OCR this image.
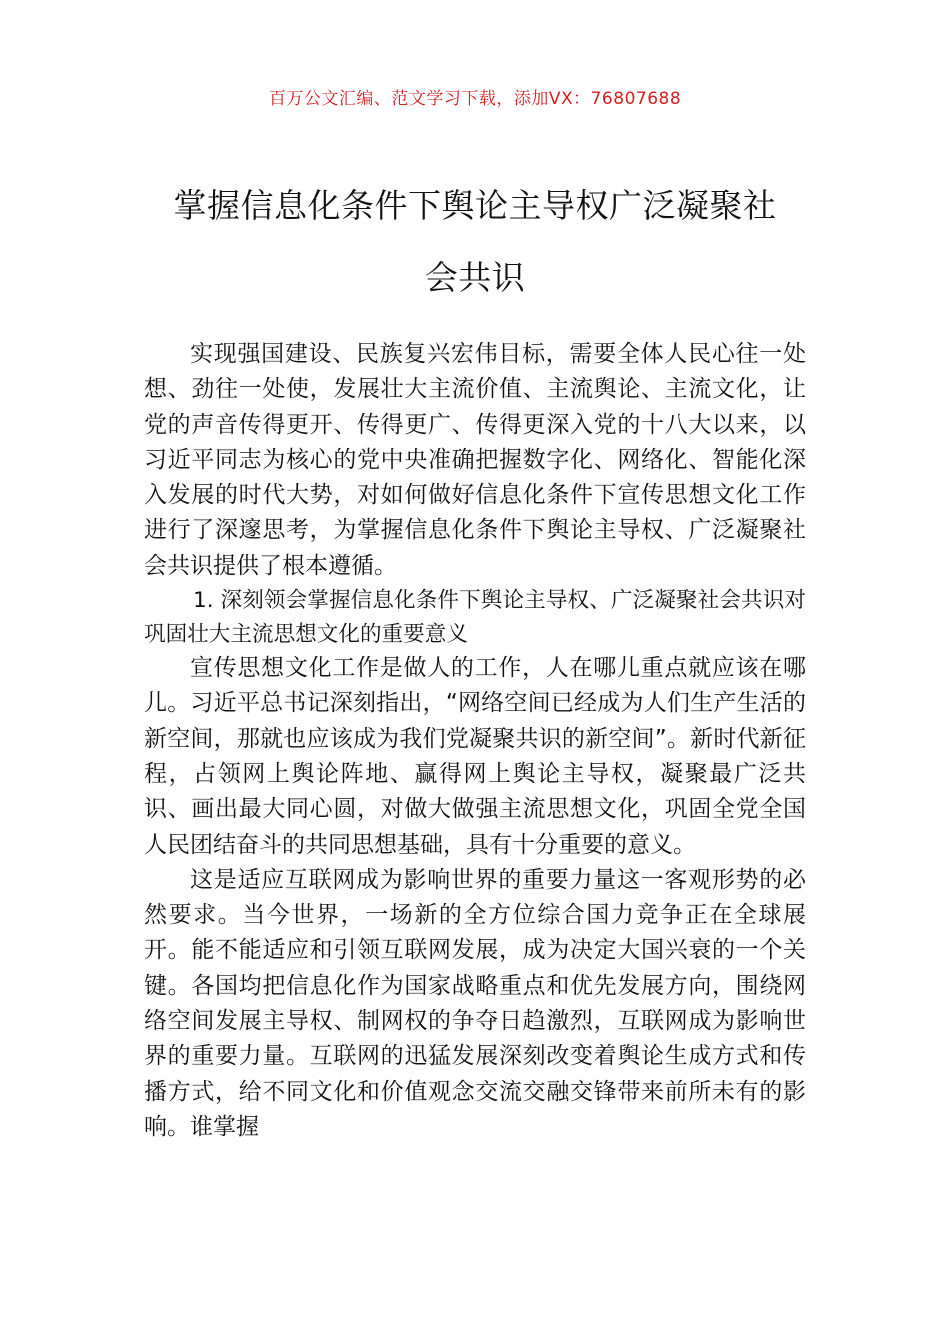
百万公文汇编、范文学习下载，添加VX：76807688
掌握信息化条件下舆论主导权广泛凝聚社
会共识

实现强国建设、民族复兴宏伟目标，需要全体人民心往一处想、劲往一处使，发展壮大主流价值、主流舆论、主流文化，让党的声音传得更开、传得更广、传得更深入党的十八大以来，以习近平同志为核心的党中央准确把握数字化、网络化、智能化深入发展的时代大势，对如何做好信息化条件下宣传思想文化工作进行了深邃思考，为掌握信息化条件下舆论主导权、广泛凝聚社会共识提供了根本遵循。

1. 深刻领会掌握信息化条件下舆论主导权、广泛凝聚社会共识对巩固壮大主流思想文化的重要意义

宣传思想文化工作是做人的工作，人在哪儿重点就应该在哪儿。习近平总书记深刻指出，“网络空间已经成为人们生产生活的新空间，那就也应该成为我们党凝聚共识的新空间”。新时代新征程，占领网上舆论阵地、赢得网上舆论主导权，凝聚最广泛共识、画出最大同心圆，对做大做强主流思想文化，巩固全党全国人民团结奋斗的共同思想基础，具有十分重要的意义。

这是适应互联网成为影响世界的重要力量这一客观形势的必然要求。当今世界，一场新的全方位综合国力竞争正在全球展开。能不能适应和引领互联网发展，成为决定大国兴衰的一个关键。各国均把信息化作为国家战略重点和优先发展方向，围绕网络空间发展主导权、制网权的争夺日趋激烈，互联网成为影响世界的重要力量。互联网的迅猛发展深刻改变着舆论生成方式和传播方式，给不同文化和价值观念交流交融交锋带来前所未有的影响。谁掌握
